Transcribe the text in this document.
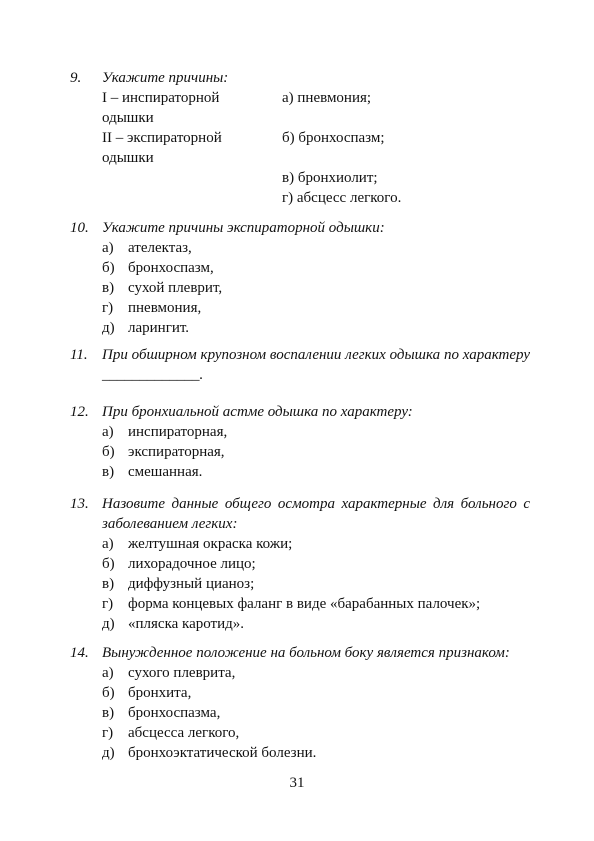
9.	Укажите причины:
I – инспираторной одышки
II – экспираторной одышки
а) пневмония;
б) бронхоспазм;
в) бронхиолит;
г) абсцесс легкого.
10. Укажите причины экспираторной одышки:
а) ателектаз,
б) бронхоспазм,
в) сухой плеврит,
г) пневмония,
д) ларингит.
11. При обширном крупозном воспалении легких одышка по характеру _____________.
12. При бронхиальной астме одышка по характеру:
а) инспираторная,
б) экспираторная,
в) смешанная.
13. Назовите данные общего осмотра характерные для больного с заболеванием легких:
а) желтушная окраска кожи;
б) лихорадочное лицо;
в) диффузный цианоз;
г) форма концевых фаланг в виде «барабанных палочек»;
д) «пляска каротид».
14. Вынужденное положение на больном боку является признаком:
а) сухого плеврита,
б) бронхита,
в) бронхоспазма,
г) абсцесса легкого,
д) бронхоэктатической болезни.
31
